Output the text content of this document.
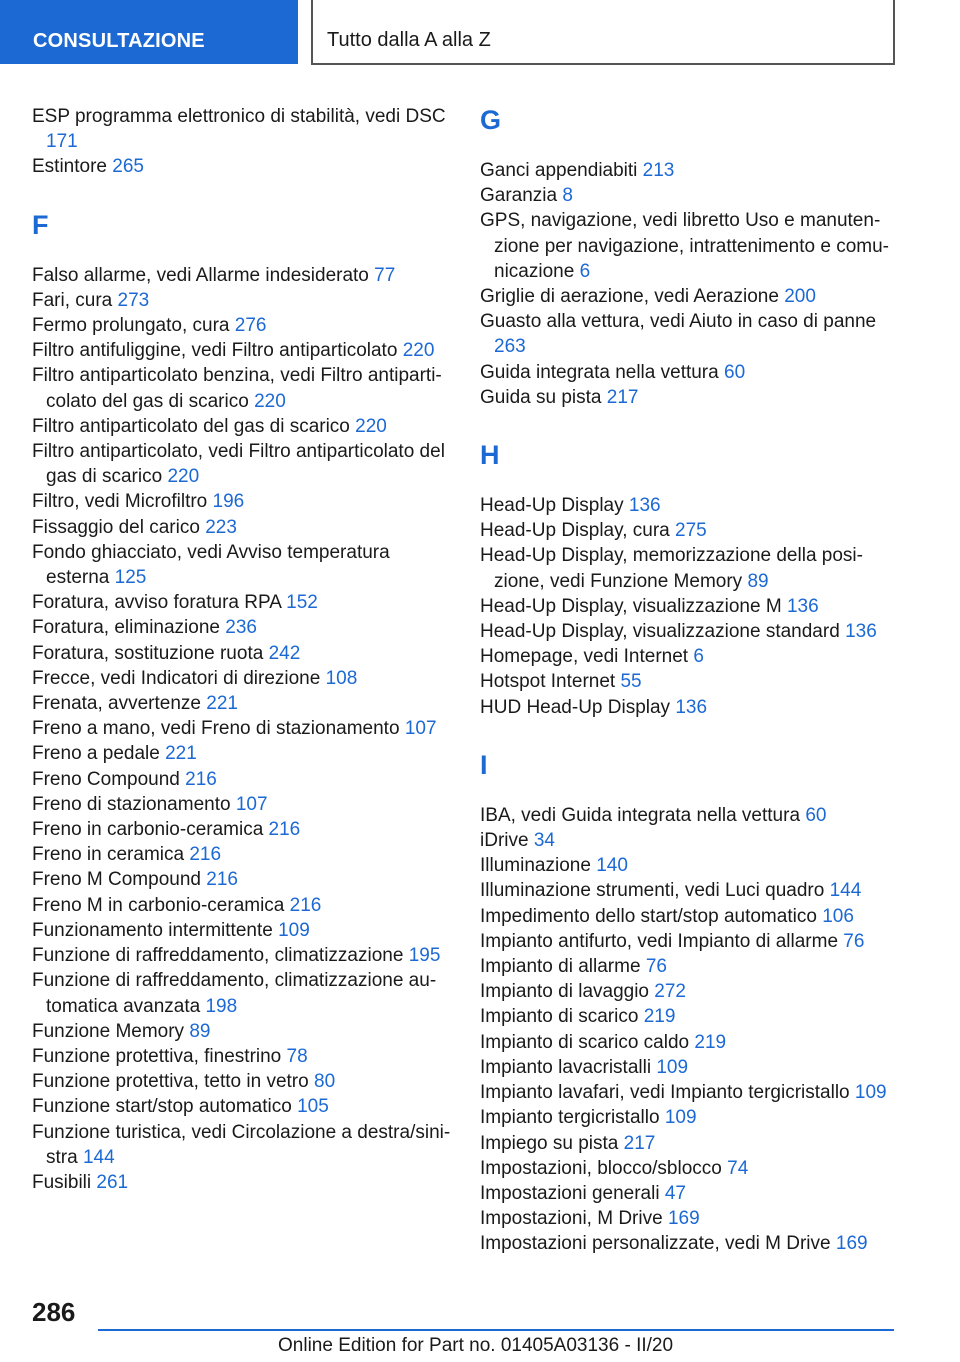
CONSULTAZIONE	Tutto dalla A alla Z
ESP programma elettronico di stabilità, vedi DSC 171
Estintore 265
F
Falso allarme, vedi Allarme indesiderato 77
Fari, cura 273
Fermo prolungato, cura 276
Filtro antifuliggine, vedi Filtro antiparticolato 220
Filtro antiparticolato benzina, vedi Filtro antiparti-colato del gas di scarico 220
Filtro antiparticolato del gas di scarico 220
Filtro antiparticolato, vedi Filtro antiparticolato del gas di scarico 220
Filtro, vedi Microfiltro 196
Fissaggio del carico 223
Fondo ghiacciato, vedi Avviso temperatura esterna 125
Foratura, avviso foratura RPA 152
Foratura, eliminazione 236
Foratura, sostituzione ruota 242
Frecce, vedi Indicatori di direzione 108
Frenata, avvertenze 221
Freno a mano, vedi Freno di stazionamento 107
Freno a pedale 221
Freno Compound 216
Freno di stazionamento 107
Freno in carbonio-ceramica 216
Freno in ceramica 216
Freno M Compound 216
Freno M in carbonio-ceramica 216
Funzionamento intermittente 109
Funzione di raffreddamento, climatizzazione 195
Funzione di raffreddamento, climatizzazione au-tomatica avanzata 198
Funzione Memory 89
Funzione protettiva, finestrino 78
Funzione protettiva, tetto in vetro 80
Funzione start/stop automatico 105
Funzione turistica, vedi Circolazione a destra/sini-stra 144
Fusibili 261
G
Ganci appendiabiti 213
Garanzia 8
GPS, navigazione, vedi libretto Uso e manuten-zione per navigazione, intrattenimento e comu-nicazione 6
Griglie di aerazione, vedi Aerazione 200
Guasto alla vettura, vedi Aiuto in caso di panne 263
Guida integrata nella vettura 60
Guida su pista 217
H
Head-Up Display 136
Head-Up Display, cura 275
Head-Up Display, memorizzazione della posi-zione, vedi Funzione Memory 89
Head-Up Display, visualizzazione M 136
Head-Up Display, visualizzazione standard 136
Homepage, vedi Internet 6
Hotspot Internet 55
HUD Head-Up Display 136
I
IBA, vedi Guida integrata nella vettura 60
iDrive 34
Illuminazione 140
Illuminazione strumenti, vedi Luci quadro 144
Impedimento dello start/stop automatico 106
Impianto antifurto, vedi Impianto di allarme 76
Impianto di allarme 76
Impianto di lavaggio 272
Impianto di scarico 219
Impianto di scarico caldo 219
Impianto lavacristalli 109
Impianto lavafari, vedi Impianto tergicristallo 109
Impianto tergicristallo 109
Impiego su pista 217
Impostazioni, blocco/sblocco 74
Impostazioni generali 47
Impostazioni, M Drive 169
Impostazioni personalizzate, vedi M Drive 169
286
Online Edition for Part no. 01405A03136 - II/20
